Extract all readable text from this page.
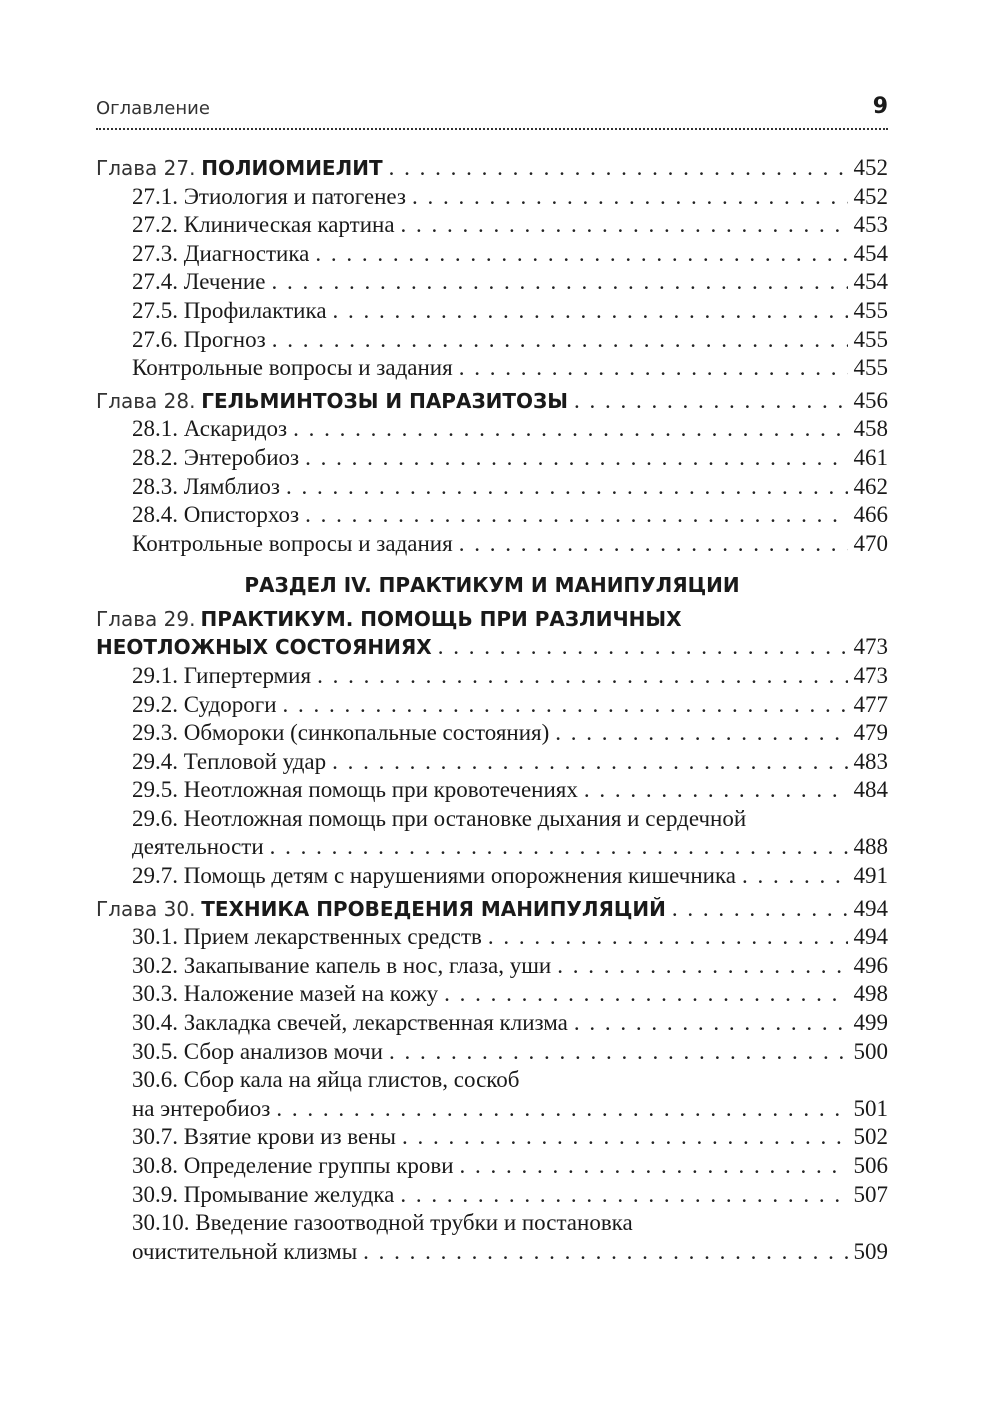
Оглавление	9
Глава 27.
ПОЛИОМИЕЛИТ . . .	452
27.1. Этиология и патогенез . . .	452
27.2. Клиническая картина . . .	453
27.3. Диагностика . . .	454
27.4. Лечение . . .	454
27.5. Профилактика . . .	455
27.6. Прогноз . . .	455
Контрольные вопросы и задания . . .	455
Глава 28.
ГЕЛЬМИНТОЗЫ И ПАРАЗИТОЗЫ . . .	456
28.1. Аскаридоз . . .	458
28.2. Энтеробиоз . . .	461
28.3. Лямблиоз . . .	462
28.4. Описторхоз . . .	466
Контрольные вопросы и задания . . .	470
РАЗДЕЛ IV. ПРАКТИКУМ И МАНИПУЛЯЦИИ
Глава 29. ПРАКТИКУМ. ПОМОЩЬ ПРИ РАЗЛИЧНЫХ
НЕОТЛОЖНЫХ СОСТОЯНИЯХ . . .	473
29.1. Гипертермия . . .	473
29.2. Судороги . . .	477
29.3. Обмороки (синкопальные состояния) . . .	479
29.4. Тепловой удар . . .	483
29.5. Неотложная помощь при кровотечениях . . .	484
29.6. Неотложная помощь при остановке дыхания и сердечной
деятельности . . .	488
29.7. Помощь детям с нарушениями опорожнения кишечника . . .	491
Глава 30.
ТЕХНИКА ПРОВЕДЕНИЯ МАНИПУЛЯЦИЙ . . .	494
30.1. Прием лекарственных средств . . .	494
30.2. Закапывание капель в нос, глаза, уши . . .	496
30.3. Наложение мазей на кожу . . .	498
30.4. Закладка свечей, лекарственная клизма . . .	499
30.5. Сбор анализов мочи . . .	500
30.6. Сбор кала на яйца глистов, соскоб
на энтеробиоз . . .	501
30.7. Взятие крови из вены . . .	502
30.8. Определение группы крови . . .	506
30.9. Промывание желудка . . .	507
30.10. Введение газоотводной трубки и постановка
очистительной клизмы . . .	509
